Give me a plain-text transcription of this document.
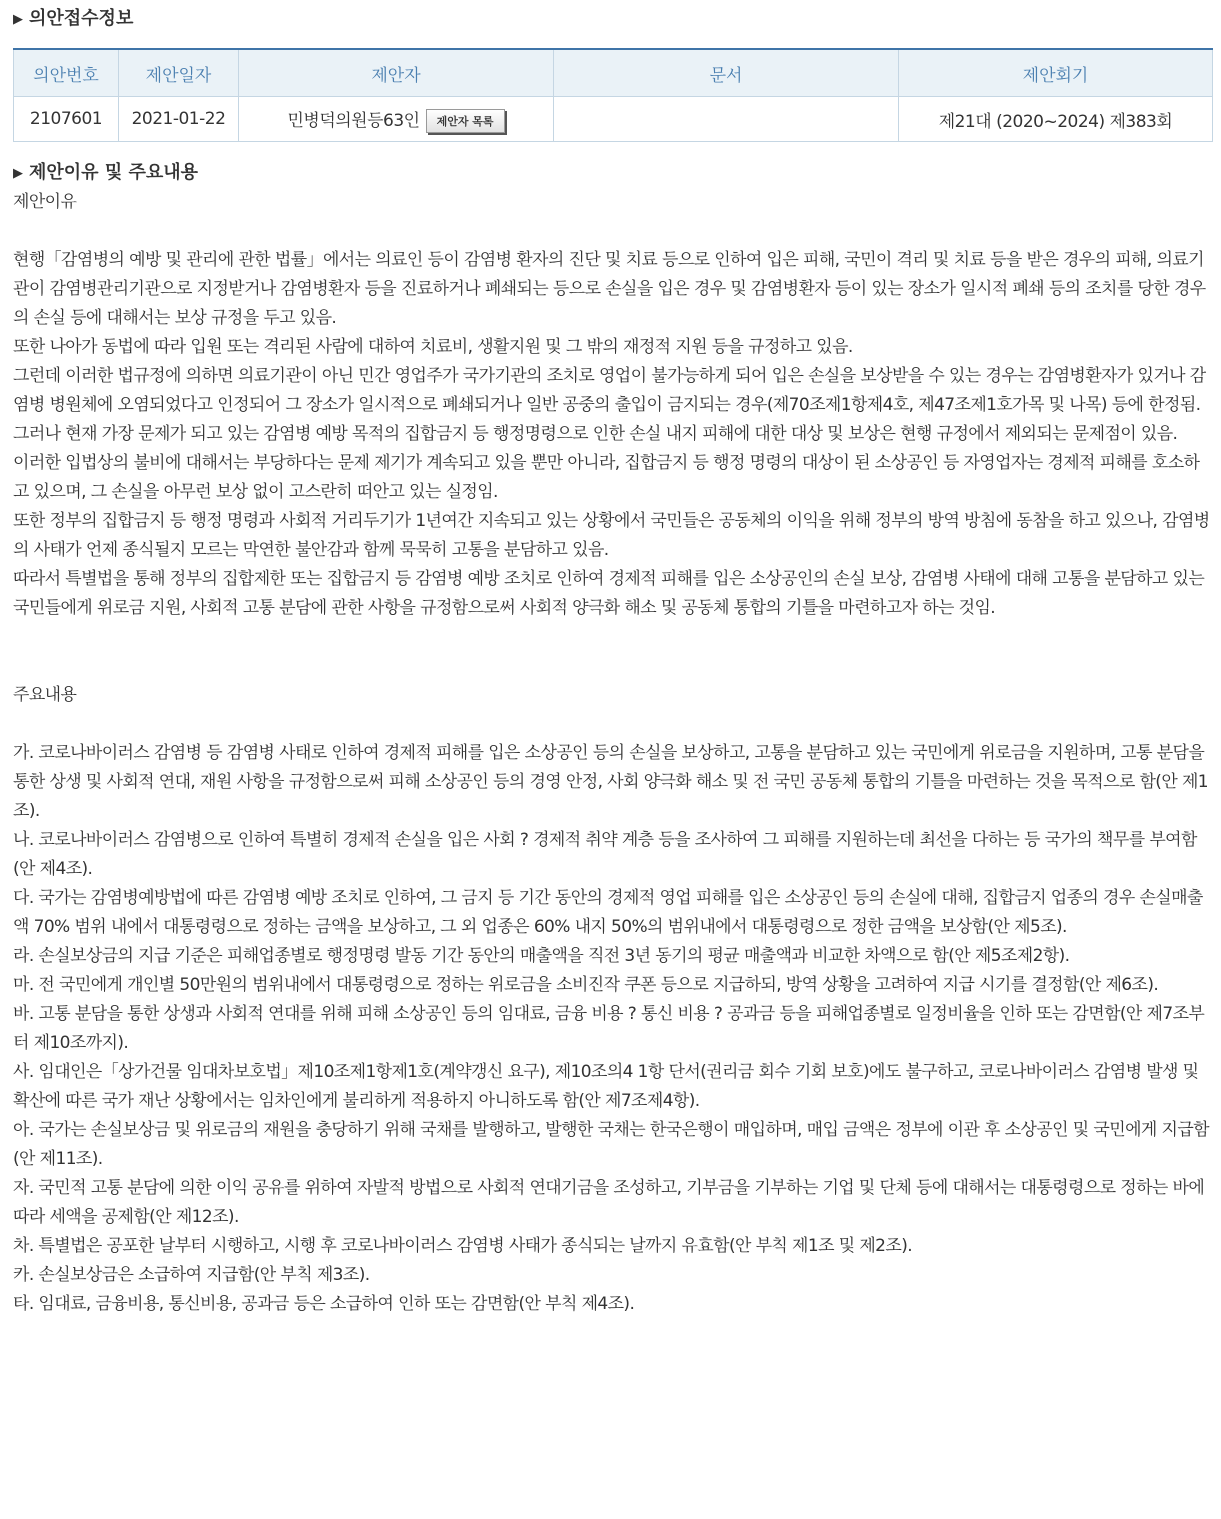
▶ 의안접수정보
의안번호	제안일자	제안자	문서	제안회기
2107601	2021-01-22	민병덕의원등63인 제안자 목록		제21대 (2020~2024) 제383회
▶ 제안이유 및 주요내용

제안이유

현행「감염병의 예방 및 관리에 관한 법률」에서는 의료인 등이 감염병 환자의 진단 및 치료 등으로 인하여 입은 피해, 국민이 격리 및 치료 등을 받은 경우의 피해, 의료기관이 감염병관리기관으로 지정받거나 감염병환자 등을 진료하거나 폐쇄되는 등으로 손실을 입은 경우 및 감염병환자 등이 있는 장소가 일시적 폐쇄 등의 조치를 당한 경우의 손실 등에 대해서는 보상 규정을 두고 있음.

또한 나아가 동법에 따라 입원 또는 격리된 사람에 대하여 치료비, 생활지원 및 그 밖의 재정적 지원 등을 규정하고 있음.

그런데 이러한 법규정에 의하면 의료기관이 아닌 민간 영업주가 국가기관의 조치로 영업이 불가능하게 되어 입은 손실을 보상받을 수 있는 경우는 감염병환자가 있거나 감염병 병원체에 오염되었다고 인정되어 그 장소가 일시적으로 폐쇄되거나 일반 공중의 출입이 금지되는 경우(제70조제1항제4호, 제47조제1호가목 및 나목) 등에 한정됨.

그러나 현재 가장 문제가 되고 있는 감염병 예방 목적의 집합금지 등 행정명령으로 인한 손실 내지 피해에 대한 대상 및 보상은 현행 규정에서 제외되는 문제점이 있음.

이러한 입법상의 불비에 대해서는 부당하다는 문제 제기가 계속되고 있을 뿐만 아니라, 집합금지 등 행정 명령의 대상이 된 소상공인 등 자영업자는 경제적 피해를 호소하고 있으며, 그 손실을 아무런 보상 없이 고스란히 떠안고 있는 실정임.

또한 정부의 집합금지 등 행정 명령과 사회적 거리두기가 1년여간 지속되고 있는 상황에서 국민들은 공동체의 이익을 위해 정부의 방역 방침에 동참을 하고 있으나, 감염병의 사태가 언제 종식될지 모르는 막연한 불안감과 함께 묵묵히 고통을 분담하고 있음.

따라서 특별법을 통해 정부의 집합제한 또는 집합금지 등 감염병 예방 조치로 인하여 경제적 피해를 입은 소상공인의 손실 보상, 감염병 사태에 대해 고통을 분담하고 있는 국민들에게 위로금 지원, 사회적 고통 분담에 관한 사항을 규정함으로써 사회적 양극화 해소 및 공동체 통합의 기틀을 마련하고자 하는 것임.

주요내용

가. 코로나바이러스 감염병 등 감염병 사태로 인하여 경제적 피해를 입은 소상공인 등의 손실을 보상하고, 고통을 분담하고 있는 국민에게 위로금을 지원하며, 고통 분담을 통한 상생 및 사회적 연대, 재원 사항을 규정함으로써 피해 소상공인 등의 경영 안정, 사회 양극화 해소 및 전 국민 공동체 통합의 기틀을 마련하는 것을 목적으로 함(안 제1조).

나. 코로나바이러스 감염병으로 인하여 특별히 경제적 손실을 입은 사회 ? 경제적 취약 계층 등을 조사하여 그 피해를 지원하는데 최선을 다하는 등 국가의 책무를 부여함(안 제4조).

다. 국가는 감염병예방법에 따른 감염병 예방 조치로 인하여, 그 금지 등 기간 동안의 경제적 영업 피해를 입은 소상공인 등의 손실에 대해, 집합금지 업종의 경우 손실매출액 70% 범위 내에서 대통령령으로 정하는 금액을 보상하고, 그 외 업종은 60% 내지 50%의 범위내에서 대통령령으로 정한 금액을 보상함(안 제5조).

라. 손실보상금의 지급 기준은 피해업종별로 행정명령 발동 기간 동안의 매출액을 직전 3년 동기의 평균 매출액과 비교한 차액으로 함(안 제5조제2항).

마. 전 국민에게 개인별 50만원의 범위내에서 대통령령으로 정하는 위로금을 소비진작 쿠폰 등으로 지급하되, 방역 상황을 고려하여 지급 시기를 결정함(안 제6조).

바. 고통 분담을 통한 상생과 사회적 연대를 위해 피해 소상공인 등의 임대료, 금융 비용 ? 통신 비용 ? 공과금 등을 피해업종별로 일정비율을 인하 또는 감면함(안 제7조부터 제10조까지).

사. 임대인은「상가건물 임대차보호법」제10조제1항제1호(계약갱신 요구), 제10조의4 1항 단서(권리금 회수 기회 보호)에도 불구하고, 코로나바이러스 감염병 발생 및 확산에 따른 국가 재난 상황에서는 임차인에게 불리하게 적용하지 아니하도록 함(안 제7조제4항).

아. 국가는 손실보상금 및 위로금의 재원을 충당하기 위해 국채를 발행하고, 발행한 국채는 한국은행이 매입하며, 매입 금액은 정부에 이관 후 소상공인 및 국민에게 지급함(안 제11조).

자. 국민적 고통 분담에 의한 이익 공유를 위하여 자발적 방법으로 사회적 연대기금을 조성하고, 기부금을 기부하는 기업 및 단체 등에 대해서는 대통령령으로 정하는 바에 따라 세액을 공제함(안 제12조).

차. 특별법은 공포한 날부터 시행하고, 시행 후 코로나바이러스 감염병 사태가 종식되는 날까지 유효함(안 부칙 제1조 및 제2조).

카. 손실보상금은 소급하여 지급함(안 부칙 제3조).

타. 임대료, 금융비용, 통신비용, 공과금 등은 소급하여 인하 또는 감면함(안 부칙 제4조).
